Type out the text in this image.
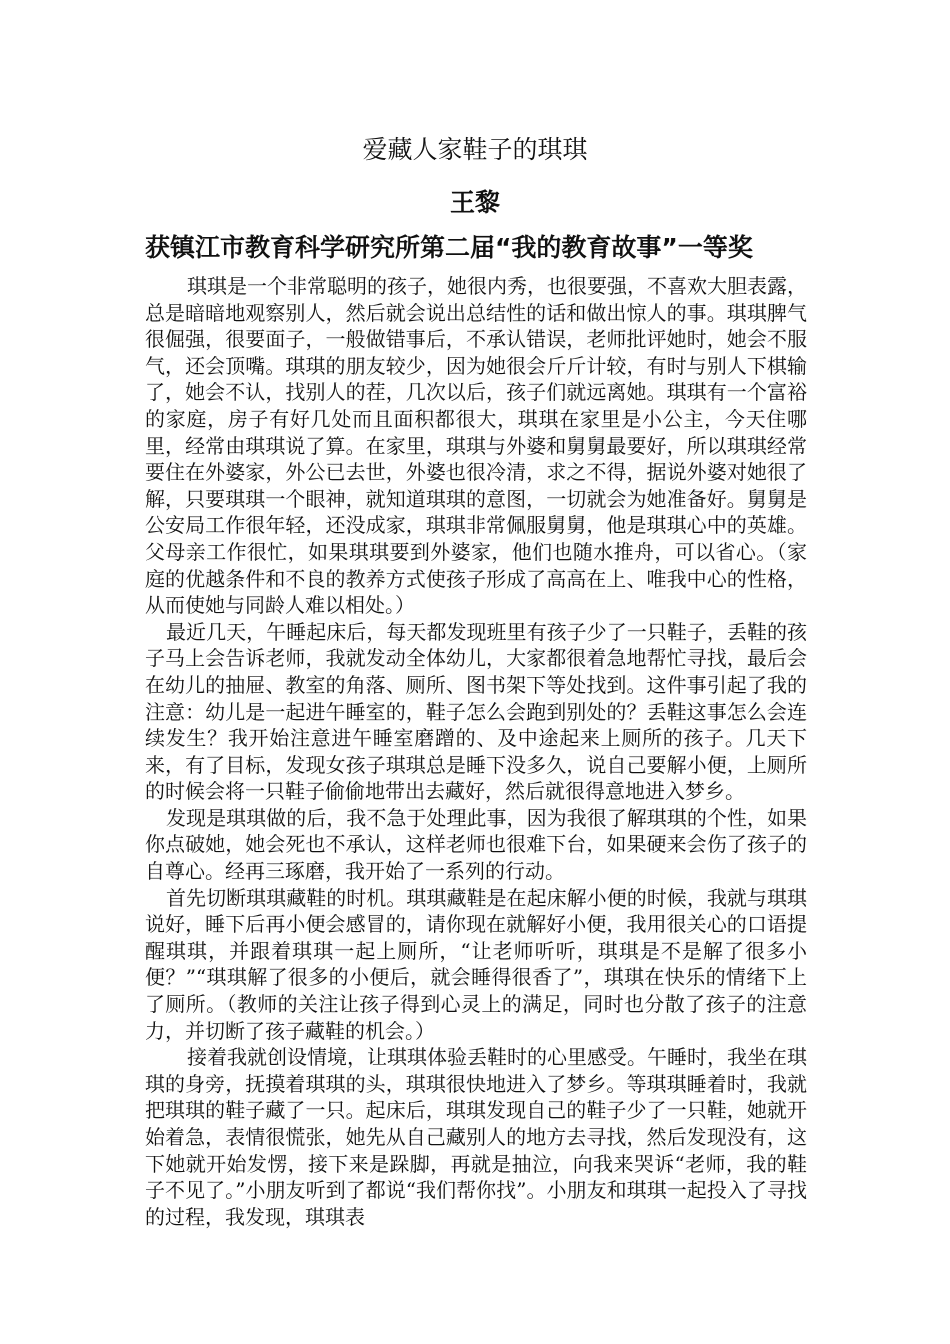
爱藏人家鞋子的琪琪
王黎
获镇江市教育科学研究所第二届“我的教育故事”一等奖

琪琪是一个非常聪明的孩子，她很内秀，也很要强，不喜欢大胆表露，总是暗暗地观察别人，然后就会说出总结性的话和做出惊人的事。琪琪脾气很倔强，很要面子，一般做错事后，不承认错误，老师批评她时，她会不服气，还会顶嘴。琪琪的朋友较少，因为她很会斤斤计较，有时与别人下棋输了，她会不认，找别人的茬，几次以后，孩子们就远离她。琪琪有一个富裕的家庭，房子有好几处而且面积都很大，琪琪在家里是小公主，今天住哪里，经常由琪琪说了算。在家里，琪琪与外婆和舅舅最要好，所以琪琪经常要住在外婆家，外公已去世，外婆也很冷清，求之不得，据说外婆对她很了解，只要琪琪一个眼神，就知道琪琪的意图，一切就会为她准备好。舅舅是公安局工作很年轻，还没成家，琪琪非常佩服舅舅，他是琪琪心中的英雄。父母亲工作很忙，如果琪琪要到外婆家，他们也随水推舟，可以省心。（家庭的优越条件和不良的教养方式使孩子形成了高高在上、唯我中心的性格，从而使她与同龄人难以相处。）

最近几天，午睡起床后，每天都发现班里有孩子少了一只鞋子，丢鞋的孩子马上会告诉老师，我就发动全体幼儿，大家都很着急地帮忙寻找，最后会在幼儿的抽屉、教室的角落、厕所、图书架下等处找到。这件事引起了我的注意：幼儿是一起进午睡室的，鞋子怎么会跑到别处的？丢鞋这事怎么会连续发生？我开始注意进午睡室磨蹭的、及中途起来上厕所的孩子。几天下来，有了目标，发现女孩子琪琪总是睡下没多久，说自己要解小便，上厕所的时候会将一只鞋子偷偷地带出去藏好，然后就很得意地进入梦乡。

发现是琪琪做的后，我不急于处理此事，因为我很了解琪琪的个性，如果你点破她，她会死也不承认，这样老师也很难下台，如果硬来会伤了孩子的自尊心。经再三琢磨，我开始了一系列的行动。

首先切断琪琪藏鞋的时机。琪琪藏鞋是在起床解小便的时候，我就与琪琪说好，睡下后再小便会感冒的，请你现在就解好小便，我用很关心的口语提醒琪琪，并跟着琪琪一起上厕所，“让老师听听，琪琪是不是解了很多小便？”“琪琪解了很多的小便后，就会睡得很香了”，琪琪在快乐的情绪下上了厕所。（教师的关注让孩子得到心灵上的满足，同时也分散了孩子的注意力，并切断了孩子藏鞋的机会。）

接着我就创设情境，让琪琪体验丢鞋时的心里感受。午睡时，我坐在琪琪的身旁，抚摸着琪琪的头，琪琪很快地进入了梦乡。等琪琪睡着时，我就把琪琪的鞋子藏了一只。起床后，琪琪发现自己的鞋子少了一只鞋，她就开始着急，表情很慌张，她先从自己藏别人的地方去寻找，然后发现没有，这下她就开始发愣，接下来是跺脚，再就是抽泣，向我来哭诉“老师，我的鞋子不见了。”小朋友听到了都说“我们帮你找”。小朋友和琪琪一起投入了寻找的过程，我发现，琪琪表
